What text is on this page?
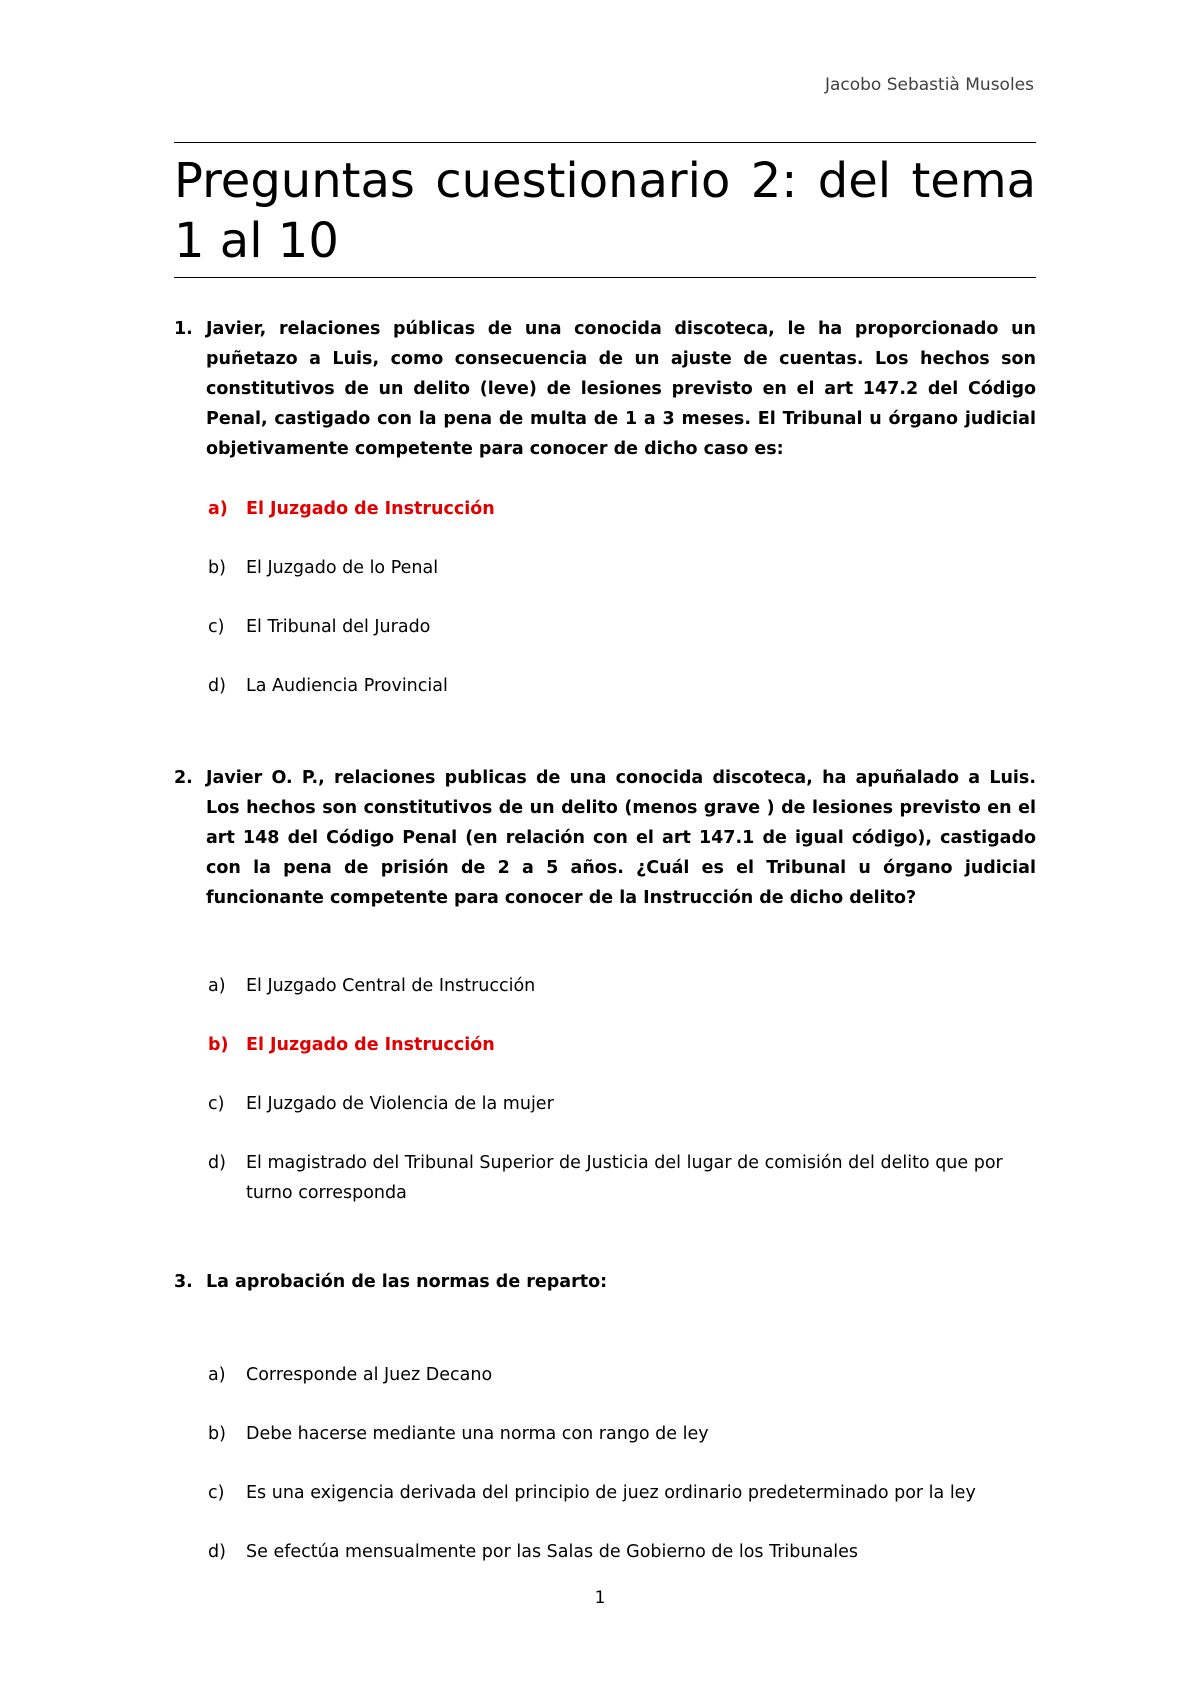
Jacobo Sebastià Musoles
Preguntas cuestionario 2: del tema 1 al 10

1. Javier, relaciones públicas de una conocida discoteca, le ha proporcionado un puñetazo a Luis, como consecuencia de un ajuste de cuentas. Los hechos son constitutivos de un delito (leve) de lesiones previsto en el art 147.2 del Código Penal, castigado con la pena de multa de 1 a 3 meses. El Tribunal u órgano judicial objetivamente competente para conocer de dicho caso es:

a)	El Juzgado de Instrucción
b)	El Juzgado de lo Penal
c)	El Tribunal del Jurado
d)	La Audiencia Provincial

2. Javier O. P., relaciones publicas de una conocida discoteca, ha apuñalado a Luis. Los hechos son constitutivos de un delito (menos grave ) de lesiones previsto en el art 148 del Código Penal (en relación con el art 147.1 de igual código), castigado con la pena de prisión de 2 a 5 años. ¿Cuál es el Tribunal u órgano judicial funcionante competente para conocer de la Instrucción de dicho delito?

a)	El Juzgado Central de Instrucción
b) El Juzgado de Instrucción
c)	El Juzgado de Violencia de la mujer
d)	El magistrado del Tribunal Superior de Justicia del lugar de comisión del delito que por turno corresponda

3. La aprobación de las normas de reparto:

a)	Corresponde al Juez Decano
b)	Debe hacerse mediante una norma con rango de ley
c)	Es una exigencia derivada del principio de juez ordinario predeterminado por la ley
d)	Se efectúa mensualmente por las Salas de Gobierno de los Tribunales
1
